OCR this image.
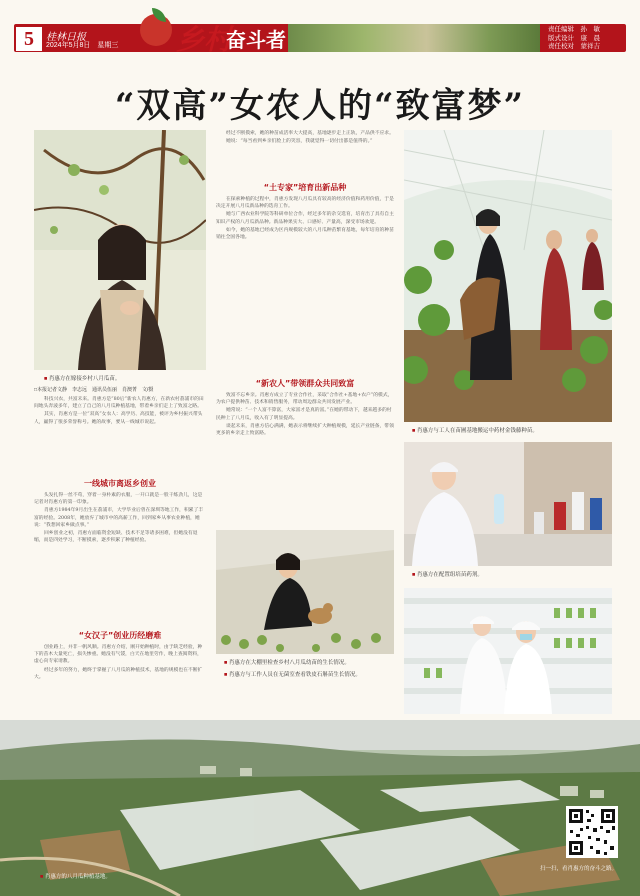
5	桂林日报
2024年5月8日　星期三 乡村
奋斗者	责任编辑　孙　敏
版式设计　康　晨
责任校对　蒙祥吉
“双高”女农人的“致富梦”
■ 肖惠方在嫁接乡村八月瓜苗。
□本报记者文静　李志远　通讯员伍丽　肖澳菁　文/摄

科技兴农，共富未来。肖惠方是“80后”新农人肖惠方，在新农村荔浦市的田间地头奔波多年，建立了自己的八月瓜种植基地，带着乡亲们走上了致富之路。

其实，肖惠方是一位“双高”女农人：高学历、高技能，被评为乡村振兴带头人，赢得了很多荣誉称号。她的故事，要从一线城市说起。

一线城市离返乡创业

头发扎得一丝不苟，穿着一身朴素的衣服，一开口就是一股干练劲儿，这是记者对肖惠方的第一印象。

肖惠方1984年9月出生在荔浦市，大学毕业后曾在深圳等地工作，积累了丰富的经验。2008年，她放弃了城市中的高薪工作，回到家乡从事农业种植，她说：“我想回家乡做点事。”

回乡创业之初，肖惠方面临资金短缺、技术不足等诸多困难，但她没有退缩，而是四处学习，不断摸索，逐步积累了种植经验。

“女汉子”创业历经磨难

创业路上，并非一帆风顺。肖惠方介绍，刚开始种植时，由于缺乏经验，种下的苗木大量死亡，损失惨重。她没有气馁，白天在地里劳作，晚上查阅资料，虚心向专家请教。

经过多年的努力，她终于掌握了八月瓜的种植技术，基地的规模也在不断扩大。

经过不断摸索，她的种苗成活率大大提高，基地逐步走上正轨，产品供不应求。

她说：“每当看到乡亲们脸上的笑容，我就觉得一切付出都是值得的。”

“土专家”培育出新品种

在探索种植的过程中，肖惠方发现八月瓜具有较高的经济价值和药用价值，于是决定开展八月瓜新品种的选育工作。

她与广西农业科学院等科研单位合作，经过多年的杂交选育，培育出了具有自主知识产权的八月瓜新品种。新品种果实大、口感好、产量高，深受市场欢迎。

如今，她的基地已经成为区内规模较大的八月瓜种苗繁育基地，每年培育的种苗销往全国各地。

“新农人”带领群众共同致富

致富不忘乡亲。肖惠方成立了专业合作社，采取“合作社+基地+农户”的模式，为农户提供种苗、技术和销售服务，带动周边群众共同发展产业。

她常说：“一个人富不算富，大家富才是真的富。”在她的带动下，越来越多的村民种上了八月瓜，收入有了明显提高。

谈起未来，肖惠方信心满满，她表示将继续扩大种植规模，延长产业链条，带领更多的乡亲走上致富路。

■ 肖惠方在大棚里检查乡村八月瓜幼苗的生长情况。
■ 肖惠方与工作人员在无菌室查看铁皮石斛苗生长情况。
■ 肖惠方与工人在苗圃基地搬运中药材金钱藤种苗。
■ 肖惠方在配置组培苗药剂。
■ 肖惠方的八月瓜种植基地。
扫一扫，看肖惠方的奋斗之路。
